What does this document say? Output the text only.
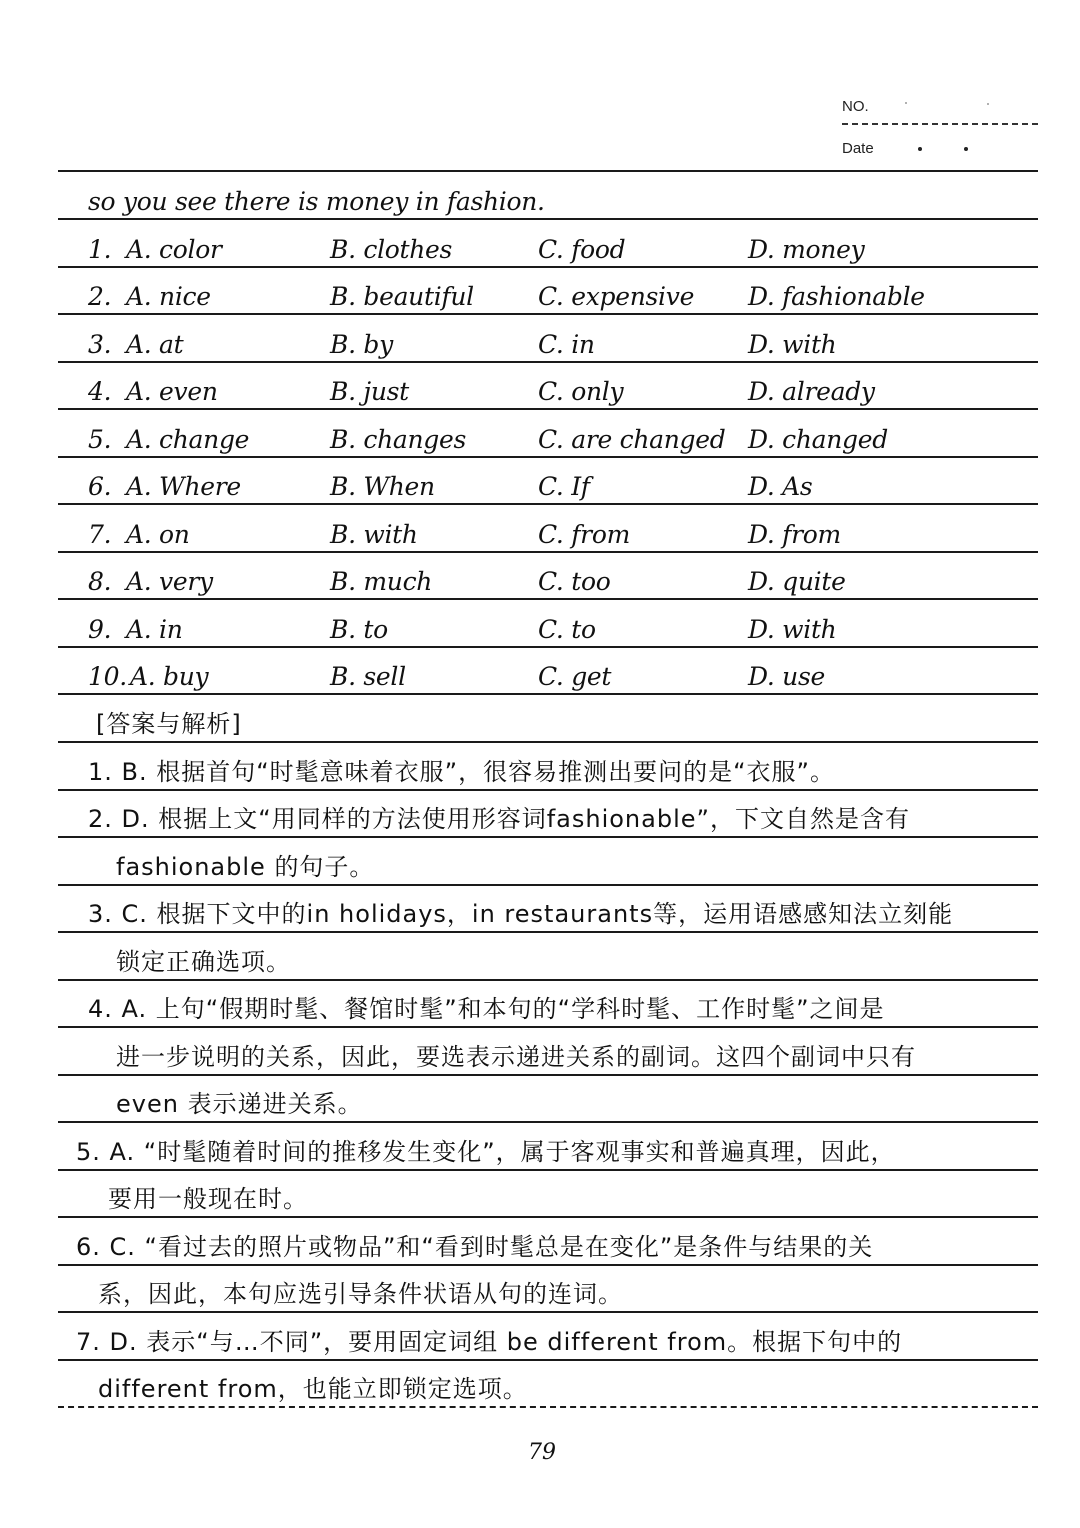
NO.
Date
so you see there is money in fashion.
1. A. color	B. clothes	C. food	D. money
2. A. nice	B. beautiful	C. expensive D. fashionable
3. A. at	B. by	C. in	D. with
4. A. even	B. just	C. only	D. already
5. A. change	B. changes	C. are changed D. changed
6. A. Where	B. When	C. If	D. As
7. A. on	B. with	C. from	D. from
8. A. very	B. much	C. too	D. quite
9. A. in	B. to	C. to	D. with
10. A. buy	B. sell	C. get	D. use
[答案与解析]
1. B. 根据首句“时髦意味着衣服”，很容易推测出要问的是“衣服”。
2. D. 根据上文“用同样的方法使用形容词fashionable”，下文自然是含有
fashionable 的句子。
3. C. 根据下文中的in holidays，in restaurants等，运用语感感知法立刻能
锁定正确选项。
4. A. 上句“假期时髦、餐馆时髦”和本句的“学科时髦、工作时髦”之间是
进一步说明的关系，因此，要选表示递进关系的副词。这四个副词中只有
even 表示递进关系。
5. A. “时髦随着时间的推移发生变化”，属于客观事实和普遍真理，因此，
要用一般现在时。
6. C. “看过去的照片或物品”和“看到时髦总是在变化”是条件与结果的关
系，因此，本句应选引导条件状语从句的连词。
7. D. 表示“与…不同”，要用固定词组 be different from。根据下句中的
different from，也能立即锁定选项。
79
